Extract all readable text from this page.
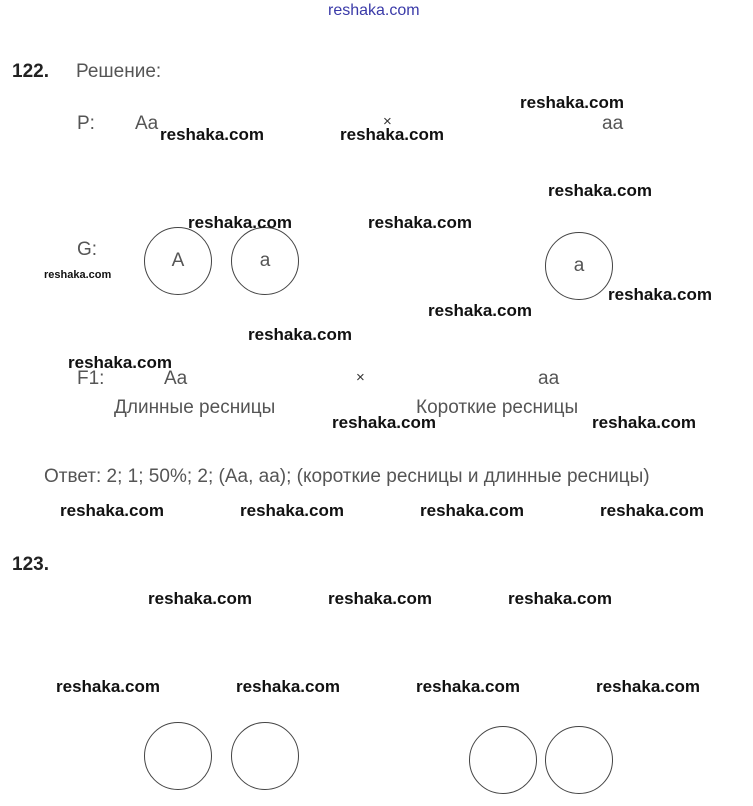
reshaka.com
122. Решение:
P: Aa	×	aa
G:
A	a	a
F1:	Aa	×	aa
Длинные ресницы	Короткие ресницы
Ответ: 2; 1; 50%; 2; (Aa, aa); (короткие ресницы и длинные ресницы)
123.
reshaka.com
reshaka.com	reshaka.com
reshaka.com
reshaka.com	reshaka.com
reshaka.com
reshaka.com
reshaka.com
reshaka.com
reshaka.com
reshaka.com	reshaka.com
reshaka.com	reshaka.com	reshaka.com	reshaka.com
reshaka.com	reshaka.com	reshaka.com
reshaka.com	reshaka.com	reshaka.com	reshaka.com
